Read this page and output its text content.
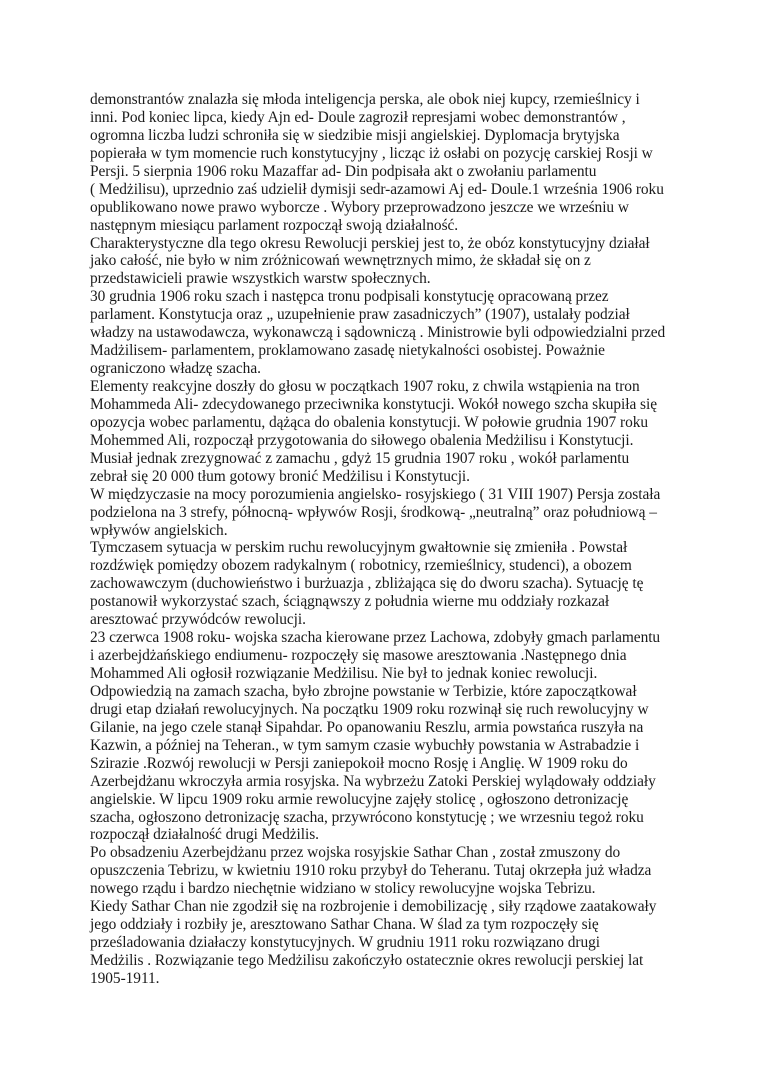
demonstrantów znalazła się młoda inteligencja perska, ale obok niej kupcy, rzemieślnicy i
inni. Pod koniec lipca, kiedy Ajn ed- Doule zagroził represjami wobec demonstrantów ,
ogromna liczba ludzi schroniła się w siedzibie misji angielskiej. Dyplomacja brytyjska
popierała w tym momencie ruch konstytucyjny , licząc iż osłabi on pozycję carskiej Rosji w
Persji. 5 sierpnia 1906 roku Mazaffar ad- Din podpisała akt o zwołaniu parlamentu
( Medżilisu), uprzednio zaś udzielił dymisji sedr-azamowi Aj ed- Doule.1 września 1906 roku
opublikowano nowe prawo wyborcze . Wybory przeprowadzono jeszcze we wrześniu w
następnym miesiącu parlament rozpoczął swoją działalność.
Charakterystyczne dla tego okresu Rewolucji perskiej jest to, że obóz konstytucyjny działał
jako całość, nie było w nim zróżnicowań wewnętrznych mimo, że składał się on z
przedstawicieli prawie wszystkich warstw społecznych.
30 grudnia 1906 roku szach i następca tronu podpisali konstytucję opracowaną przez
parlament. Konstytucja oraz „ uzupełnienie praw zasadniczych” (1907), ustalały podział
władzy na ustawodawcza, wykonawczą i sądowniczą . Ministrowie byli odpowiedzialni przed
Madżilisem- parlamentem, proklamowano zasadę nietykalności osobistej. Poważnie
ograniczono władzę szacha.
Elementy reakcyjne doszły do głosu w początkach 1907 roku, z chwila wstąpienia na tron
Mohammeda Ali- zdecydowanego przeciwnika konstytucji. Wokół nowego szcha skupiła się
opozycja wobec parlamentu, dążąca do obalenia konstytucji. W połowie grudnia 1907 roku
Mohemmed Ali, rozpoczął przygotowania do siłowego obalenia Medżilisu i Konstytucji.
Musiał jednak zrezygnować z zamachu , gdyż 15 grudnia 1907 roku , wokół parlamentu
zebrał się 20 000 tłum gotowy bronić Medżilisu i Konstytucji.
W międzyczasie na mocy porozumienia angielsko- rosyjskiego ( 31 VIII 1907) Persja została
podzielona na 3 strefy, północną- wpływów Rosji, środkową- „neutralną” oraz południową –
wpływów angielskich.
Tymczasem sytuacja w perskim ruchu rewolucyjnym gwałtownie się zmieniła . Powstał
rozdźwięk pomiędzy obozem radykalnym ( robotnicy, rzemieślnicy, studenci), a obozem
zachowawczym (duchowieństwo i burżuazja , zbliżająca się do dworu szacha). Sytuację tę
postanowił wykorzystać szach, ściągnąwszy z południa wierne mu oddziały rozkazał
aresztować przywódców rewolucji.
23 czerwca 1908 roku- wojska szacha kierowane przez Lachowa, zdobyły gmach parlamentu
i azerbejdżańskiego endiumenu- rozpoczęły się masowe aresztowania .Następnego dnia
Mohammed Ali ogłosił rozwiązanie Medżilisu. Nie był to jednak koniec rewolucji.
Odpowiedzią na zamach szacha, było zbrojne powstanie w Terbizie, które zapoczątkował
drugi etap działań rewolucyjnych. Na początku 1909 roku rozwinął się ruch rewolucyjny w
Gilanie, na jego czele stanął Sipahdar. Po opanowaniu Reszlu, armia powstańca ruszyła na
Kazwin, a później na Teheran., w tym samym czasie wybuchły powstania w Astrabadzie i
Szirazie .Rozwój rewolucji w Persji zaniepokoił mocno Rosję i Anglię. W 1909 roku do
Azerbejdżanu wkroczyła armia rosyjska. Na wybrzeżu Zatoki Perskiej wylądowały oddziały
angielskie. W lipcu 1909 roku armie rewolucyjne zajęły stolicę , ogłoszono detronizację
szacha, ogłoszono detronizację szacha, przywrócono konstytucję ; we wrzesniu tegoż roku
rozpoczął działalność drugi Medżilis.
Po obsadzeniu Azerbejdżanu przez wojska rosyjskie Sathar Chan , został zmuszony do
opuszczenia Tebrizu, w kwietniu 1910 roku przybył do Teheranu. Tutaj okrzepła już władza
nowego rządu i bardzo niechętnie widziano w stolicy rewolucyjne wojska Tebrizu.
Kiedy Sathar Chan nie zgodził się na rozbrojenie i demobilizację , siły rządowe zaatakowały
jego oddziały i rozbiły je, aresztowano Sathar Chana. W ślad za tym rozpoczęły się
prześladowania działaczy konstytucyjnych. W grudniu 1911 roku rozwiązano drugi
Medżilis . Rozwiązanie tego Medżilisu zakończyło ostatecznie okres rewolucji perskiej lat
1905-1911.
